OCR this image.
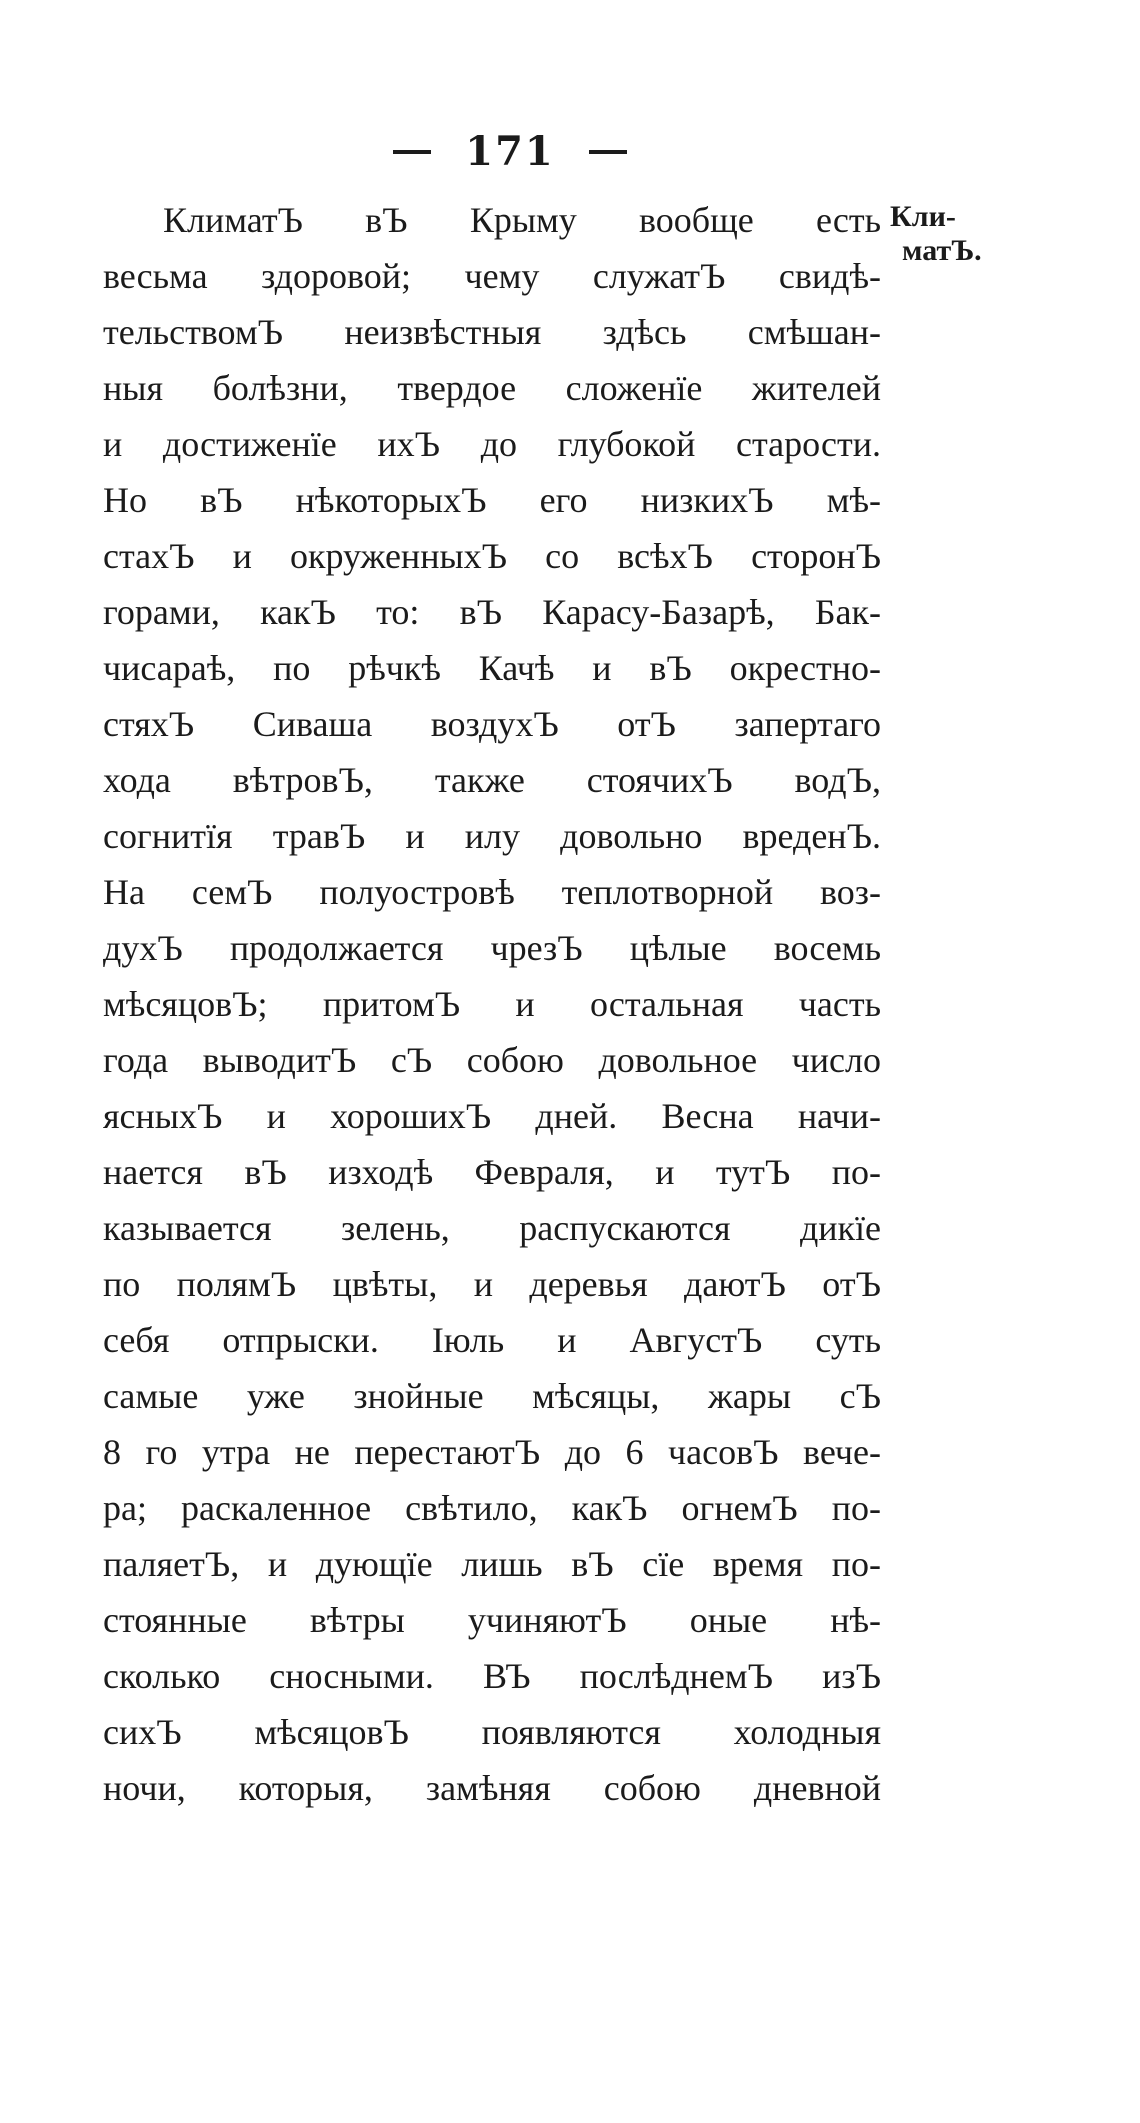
171
Кли-
матЪ.
КлиматЪ вЪ Крыму вообще есть
весьма здоровой; чему служатЪ свидѣ-
тельствомЪ неизвѣстныя здѣсь смѣшан-
ныя болѣзни, твердое сложенїе жителей
и достиженїе ихЪ до глубокой старости.
Но вЪ нѣкоторыхЪ его низкихЪ мѣ-
стахЪ и окруженныхЪ со всѣхЪ сторонЪ
горами, какЪ то: вЪ Карасу-Базарѣ, Бак-
чисараѣ, по рѣчкѣ Качѣ и вЪ окрестно-
стяхЪ Сиваша воздухЪ отЪ запертаго
хода вѣтровЪ, также стоячихЪ водЪ,
согнитїя травЪ и илу довольно вреденЪ.
На семЪ полуостровѣ теплотворной воз-
духЪ продолжается чрезЪ цѣлые восемь
мѣсяцовЪ; притомЪ и остальная часть
года выводитЪ сЪ собою довольное число
ясныхЪ и хорошихЪ дней. Весна начи-
нается вЪ изходѣ Февраля, и тутЪ по-
казывается зелень, распускаются дикїе
по полямЪ цвѣты, и деревья даютЪ отЪ
себя отпрыски. Iюль и АвгустЪ суть
самые уже знойные мѣсяцы, жары сЪ
8 го утра не перестаютЪ до 6 часовЪ вече-
ра; раскаленное свѣтило, какЪ огнемЪ по-
паляетЪ, и дующїе лишь вЪ сїе время по-
стоянные вѣтры учиняютЪ оные нѣ-
сколько сносными. ВЪ послѣднемЪ изЪ
сихЪ мѣсяцовЪ появляются холодныя
ночи, которыя, замѣняя собою дневной
